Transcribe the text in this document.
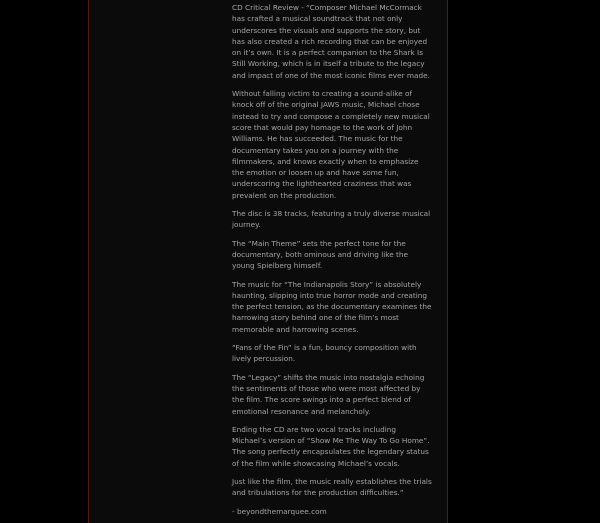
CD Critical Review - “Composer Michael McCormack has crafted a musical soundtrack that not only underscores the visuals and supports the story, but has also created a rich recording that can be enjoyed on it’s own. It is a perfect companion to the Shark Is Still Working, which is in itself a tribute to the legacy and impact of one of the most iconic films ever made.

Without falling victim to creating a sound-alike of knock off of the original JAWS music, Michael chose instead to try and compose a completely new musical score that would pay homage to the work of John Williams. He has succeeded. The music for the documentary takes you on a journey with the filmmakers, and knows exactly when to emphasize the emotion or loosen up and have some fun, underscoring the lighthearted craziness that was prevalent on the production.

The disc is 38 tracks, featuring a truly diverse musical journey.

The “Main Theme” sets the perfect tone for the documentary, both ominous and driving like the young Spielberg himself.

The music for “The Indianapolis Story” is absolutely haunting, slipping into true horror mode and creating the perfect tension, as the documentary examines the harrowing story behind one of the film’s most memorable and harrowing scenes.

“Fans of the Fin” is a fun, bouncy composition with lively percussion.

The “Legacy” shifts the music into nostalgia echoing the sentiments of those who were most affected by the film. The score swings into a perfect blend of emotional resonance and melancholy.

Ending the CD are two vocal tracks including Michael’s version of “Show Me The Way To Go Home”. The song perfectly encapsulates the legendary status of the film while showcasing Michael’s vocals.

Just like the film, the music really establishes the trials and tribulations for the production difficulties.”

- beyondthemarquee.com
